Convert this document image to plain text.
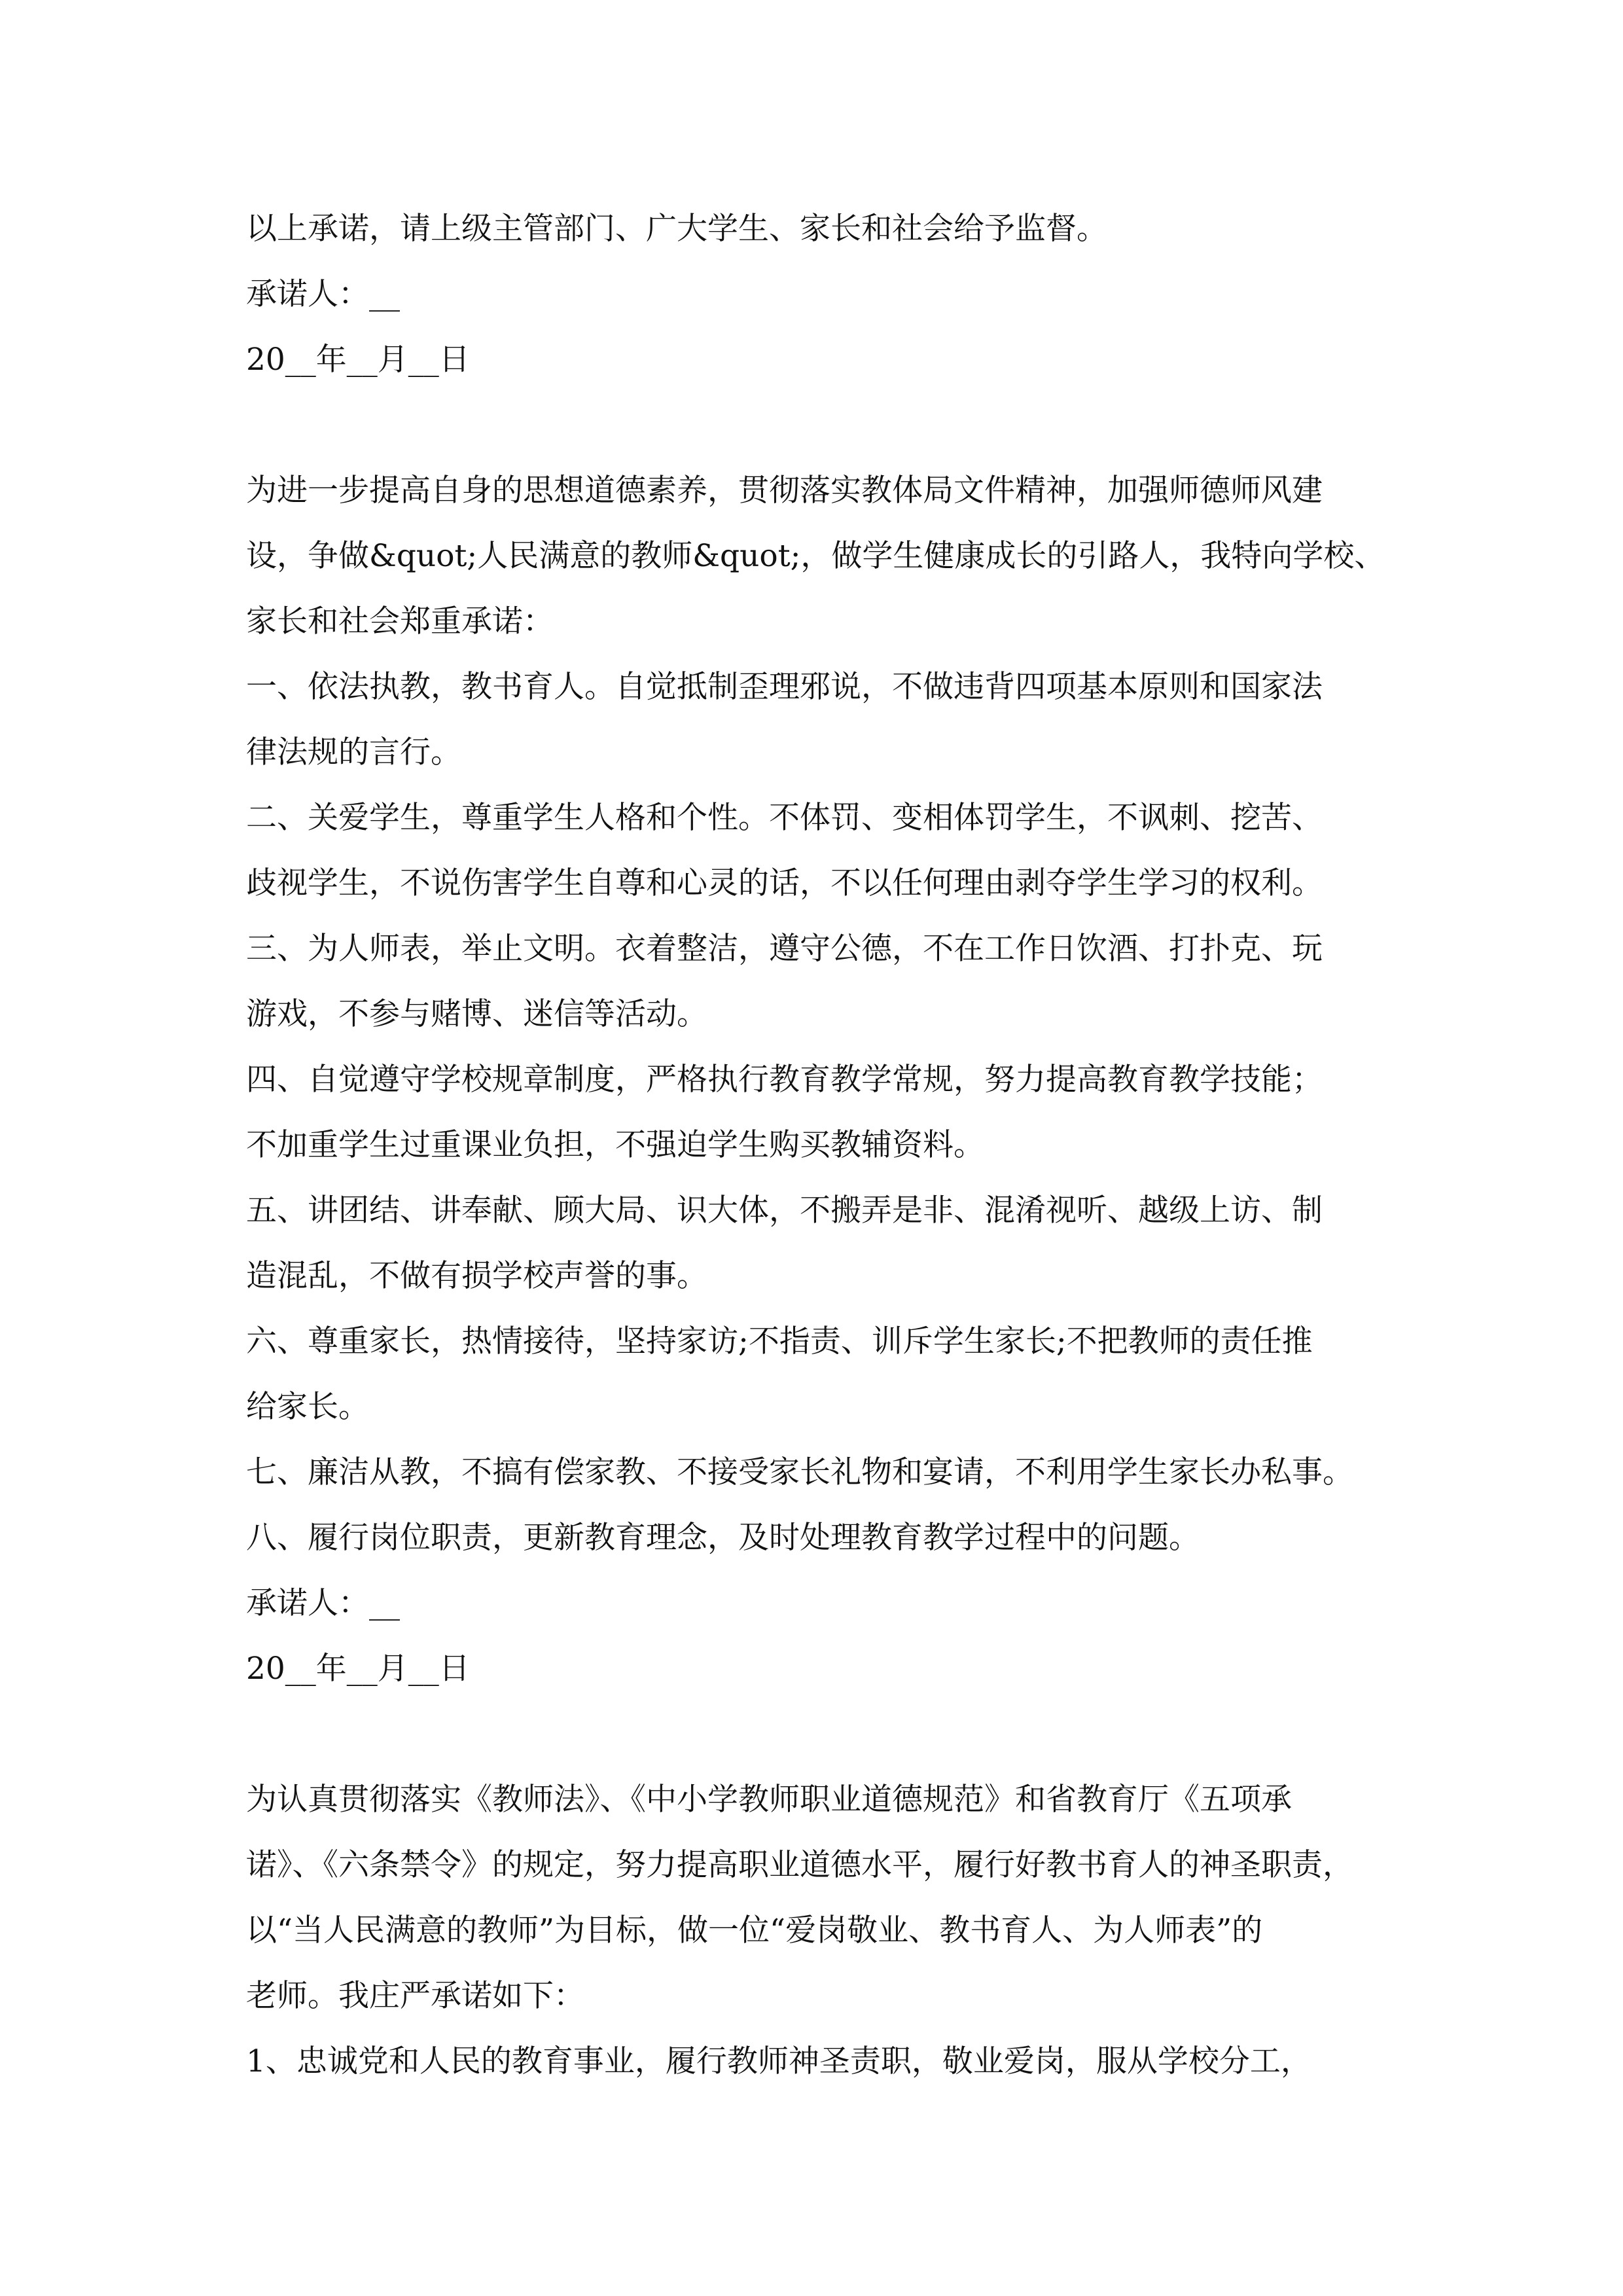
以上承诺，请上级主管部门、广大学生、家长和社会给予监督。
承诺人：__
20__年__月__日
为进一步提高自身的思想道德素养，贯彻落实教体局文件精神，加强师德师风建
设，争做&quot;人民满意的教师&quot;，做学生健康成长的引路人，我特向学校、
家长和社会郑重承诺：
一、依法执教，教书育人。自觉抵制歪理邪说，不做违背四项基本原则和国家法
律法规的言行。
二、关爱学生，尊重学生人格和个性。不体罚、变相体罚学生，不讽刺、挖苦、
歧视学生，不说伤害学生自尊和心灵的话，不以任何理由剥夺学生学习的权利。
三、为人师表，举止文明。衣着整洁，遵守公德，不在工作日饮酒、打扑克、玩
游戏，不参与赌博、迷信等活动。
四、自觉遵守学校规章制度，严格执行教育教学常规，努力提高教育教学技能；
不加重学生过重课业负担，不强迫学生购买教辅资料。
五、讲团结、讲奉献、顾大局、识大体，不搬弄是非、混淆视听、越级上访、制
造混乱，不做有损学校声誉的事。
六、尊重家长，热情接待，坚持家访;不指责、训斥学生家长;不把教师的责任推
给家长。
七、廉洁从教，不搞有偿家教、不接受家长礼物和宴请，不利用学生家长办私事。
八、履行岗位职责，更新教育理念，及时处理教育教学过程中的问题。
承诺人：__
20__年__月__日
为认真贯彻落实《教师法》、《中小学教师职业道德规范》和省教育厅《五项承
诺》、《六条禁令》的规定，努力提高职业道德水平，履行好教书育人的神圣职责，
以“当人民满意的教师”为目标，做一位“爱岗敬业、教书育人、为人师表”的
老师。我庄严承诺如下：
1、忠诚党和人民的教育事业，履行教师神圣责职，敬业爱岗，服从学校分工，
